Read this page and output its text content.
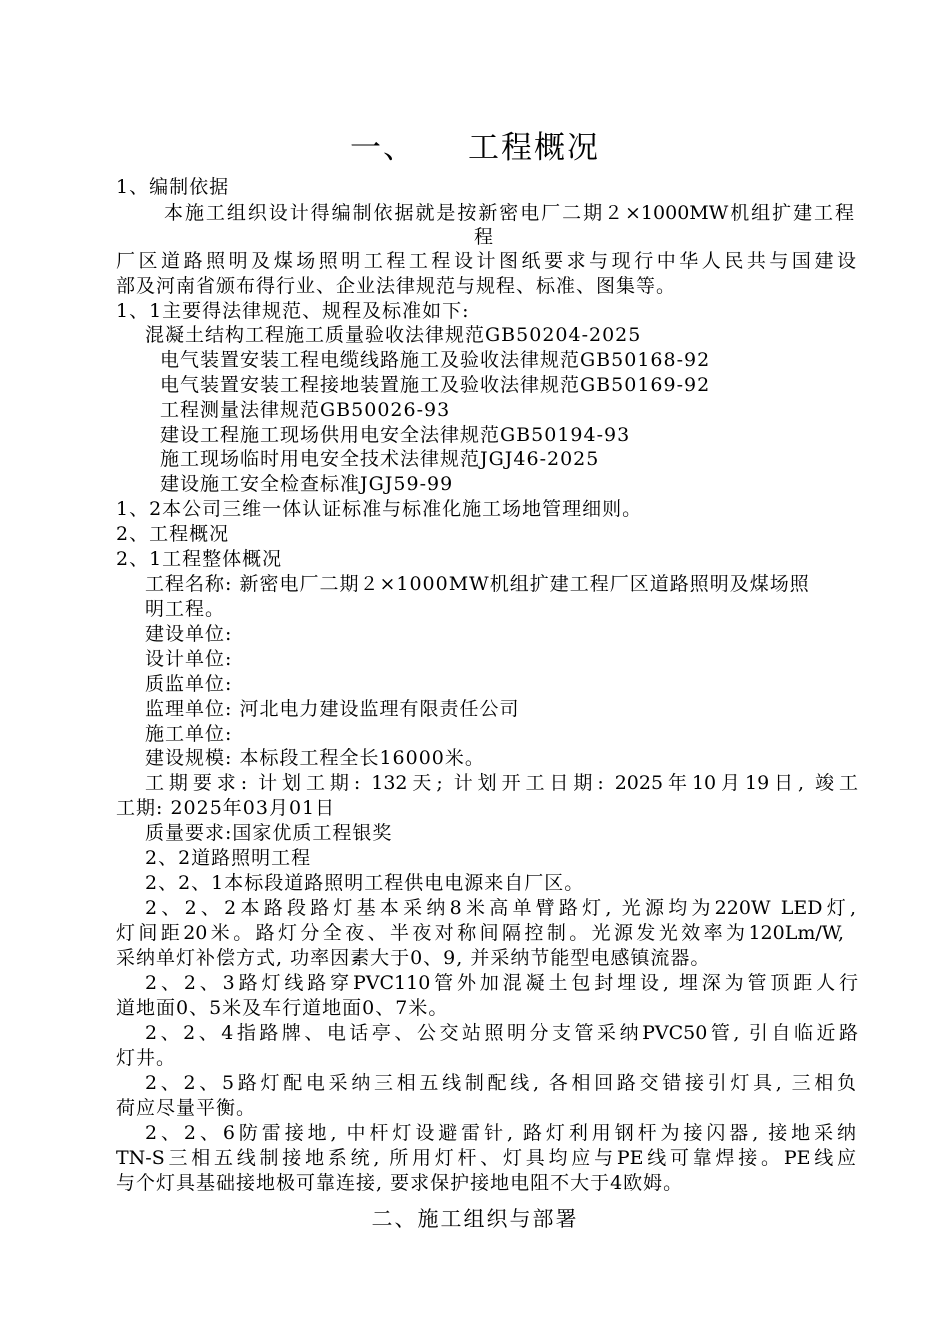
一、 工程概况
1、编制依据
本施工组织设计得编制依据就是按新密电厂二期２×1000MW机组扩建工程
程
厂区道路照明及煤场照明工程工程设计图纸要求与现行中华人民共与国建设
部及河南省颁布得行业、企业法律规范与规程、标准、图集等。
1、1主要得法律规范、规程及标准如下:
混凝土结构工程施工质量验收法律规范GB50204-2025
电气装置安装工程电缆线路施工及验收法律规范GB50168-92
电气装置安装工程接地装置施工及验收法律规范GB50169-92
工程测量法律规范GB50026-93
建设工程施工现场供用电安全法律规范GB50194-93
施工现场临时用电安全技术法律规范JGJ46-2025
建设施工安全检查标准JGJ59-99
1、2本公司三维一体认证标准与标准化施工场地管理细则。
2、工程概况
2、1工程整体概况
工程名称: 新密电厂二期２×1000MW机组扩建工程厂区道路照明及煤场照
明工程。
建设单位:
设计单位:
质监单位:
监理单位: 河北电力建设监理有限责任公司
施工单位:
建设规模: 本标段工程全长16000米。
工期要求: 计划工期: 132天; 计划开工日期: 2025年10月19日, 竣工
工期: 2025年03月01日
质量要求:国家优质工程银奖
2、2道路照明工程
2、2、1本标段道路照明工程供电电源来自厂区。
2、2、2本路段路灯基本采纳8米高单臂路灯, 光源均为220W LED灯,
灯间距20米。路灯分全夜、半夜对称间隔控制。光源发光效率为120Lm/W,
采纳单灯补偿方式, 功率因素大于0、9, 并采纳节能型电感镇流器。
2、2、3路灯线路穿PVC110管外加混凝土包封埋设, 埋深为管顶距人行
道地面0、5米及车行道地面0、7米。
2、2、4指路牌、电话亭、公交站照明分支管采纳PVC50管, 引自临近路
灯井。
2、2、5路灯配电采纳三相五线制配线, 各相回路交错接引灯具, 三相负
荷应尽量平衡。
2、2、6防雷接地, 中杆灯设避雷针, 路灯利用钢杆为接闪器, 接地采纳
TN-S三相五线制接地系统, 所用灯杆、灯具均应与PE线可靠焊接。PE线应
与个灯具基础接地极可靠连接, 要求保护接地电阻不大于4欧姆。
二、施工组织与部署
